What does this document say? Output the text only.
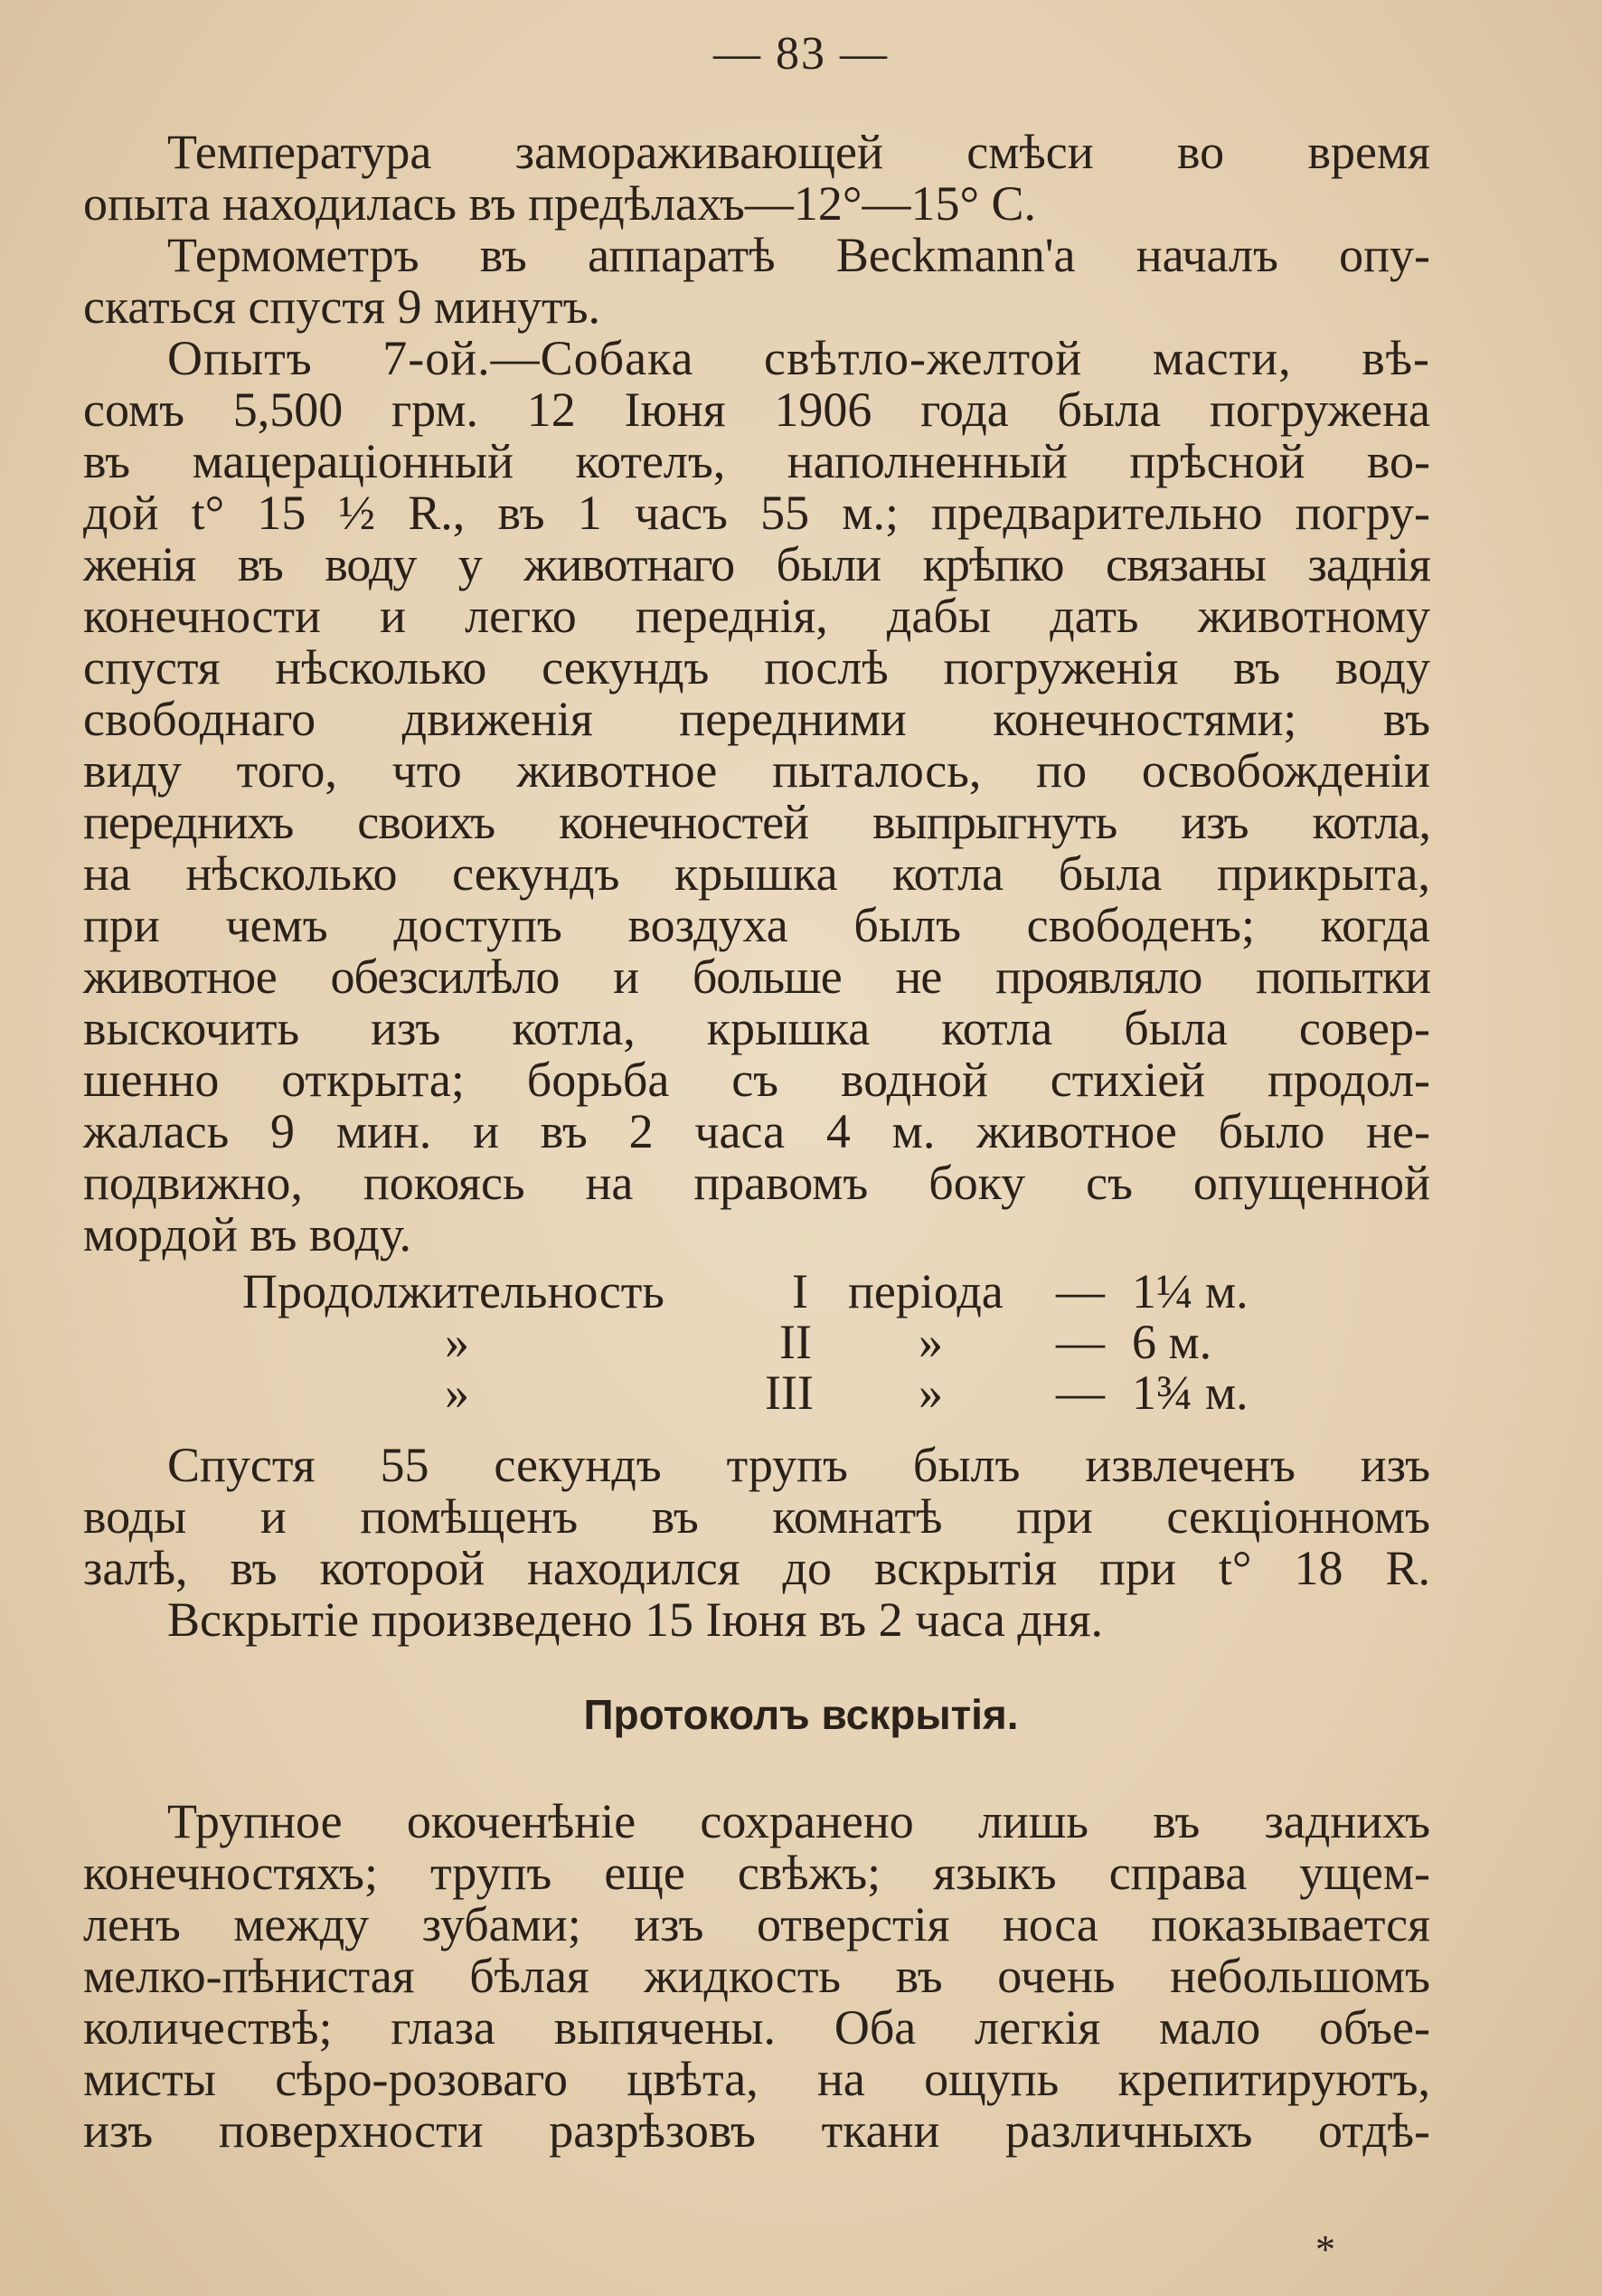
— 83 —
Температура замораживающей смѣси во время
опыта находилась въ предѣлахъ—12°—15° С.
Термометръ въ аппаратѣ Beckmann'а началъ опу-
скаться спустя 9 минутъ.
Опытъ 7-ой.—Собака свѣтло-желтой масти, вѣ-
сомъ 5,500 грм. 12 Іюня 1906 года была погружена
въ мацераціонный котелъ, наполненный прѣсной во-
дой t° 15 ½ R., въ 1 часъ 55 м.; предварительно погру-
женія въ воду у животнаго были крѣпко связаны заднія
конечности и легко переднія, дабы дать животному
спустя нѣсколько секундъ послѣ погруженія въ воду
свободнаго движенія передними конечностями; въ
виду того, что животное пыталось, по освобожденіи
переднихъ своихъ конечностей выпрыгнуть изъ котла,
на нѣсколько секундъ крышка котла была прикрыта,
при чемъ доступъ воздуха былъ свободенъ; когда
животное обезсилѣло и больше не проявляло попытки
выскочить изъ котла, крышка котла была совер-
шенно открыта; борьба съ водной стихіей продол-
жалась 9 мин. и въ 2 часа 4 м. животное было не-
подвижно, покоясь на правомъ боку съ опущенной
мордой въ воду.
Продолжительность	I періода — 1¼ м.
»	II » — 6 м.
»	III » — 1¾ м.
Спустя 55 секундъ трупъ былъ извлеченъ изъ
воды и помѣщенъ въ комнатѣ при секціонномъ
залѣ, въ которой находился до вскрытія при t° 18 R.
Вскрытіе произведено 15 Іюня въ 2 часа дня.
Протоколъ вскрытія.
Трупное окоченѣніе сохранено лишь въ заднихъ
конечностяхъ; трупъ еще свѣжъ; языкъ справа ущем-
ленъ между зубами; изъ отверстія носа показывается
мелко-пѣнистая бѣлая жидкость въ очень небольшомъ
количествѣ; глаза выпячены. Оба легкія мало объе-
мисты сѣро-розоваго цвѣта, на ощупь крепитируютъ,
изъ поверхности разрѣзовъ ткани различныхъ отдѣ-
*
